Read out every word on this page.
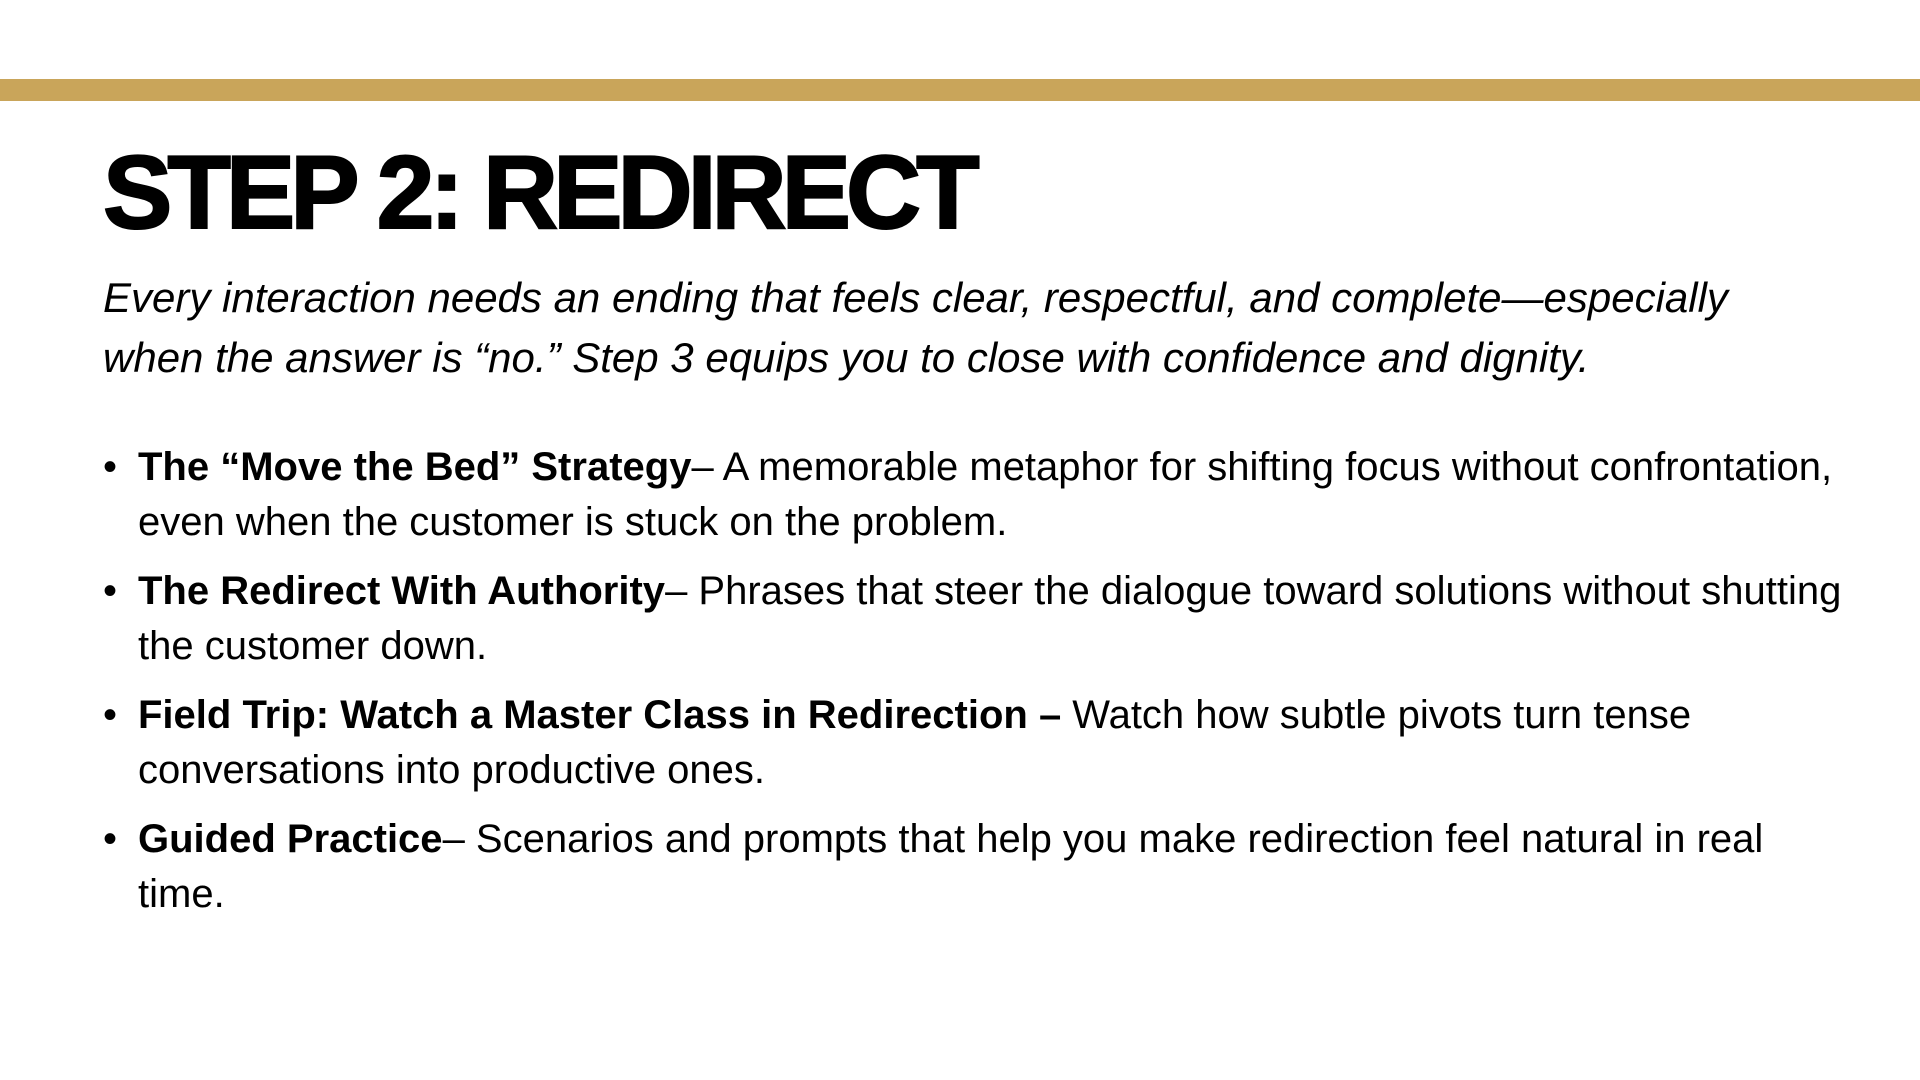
STEP 2: REDIRECT

Every interaction needs an ending that feels clear, respectful, and complete—especially when the answer is “no.” Step 3 equips you to close with confidence and dignity.

• The “Move the Bed” Strategy– A memorable metaphor for shifting focus without confrontation, even when the customer is stuck on the problem.
• The Redirect With Authority– Phrases that steer the dialogue toward solutions without shutting the customer down.
• Field Trip: Watch a Master Class in Redirection – Watch how subtle pivots turn tense conversations into productive ones.
• Guided Practice– Scenarios and prompts that help you make redirection feel natural in real time.
